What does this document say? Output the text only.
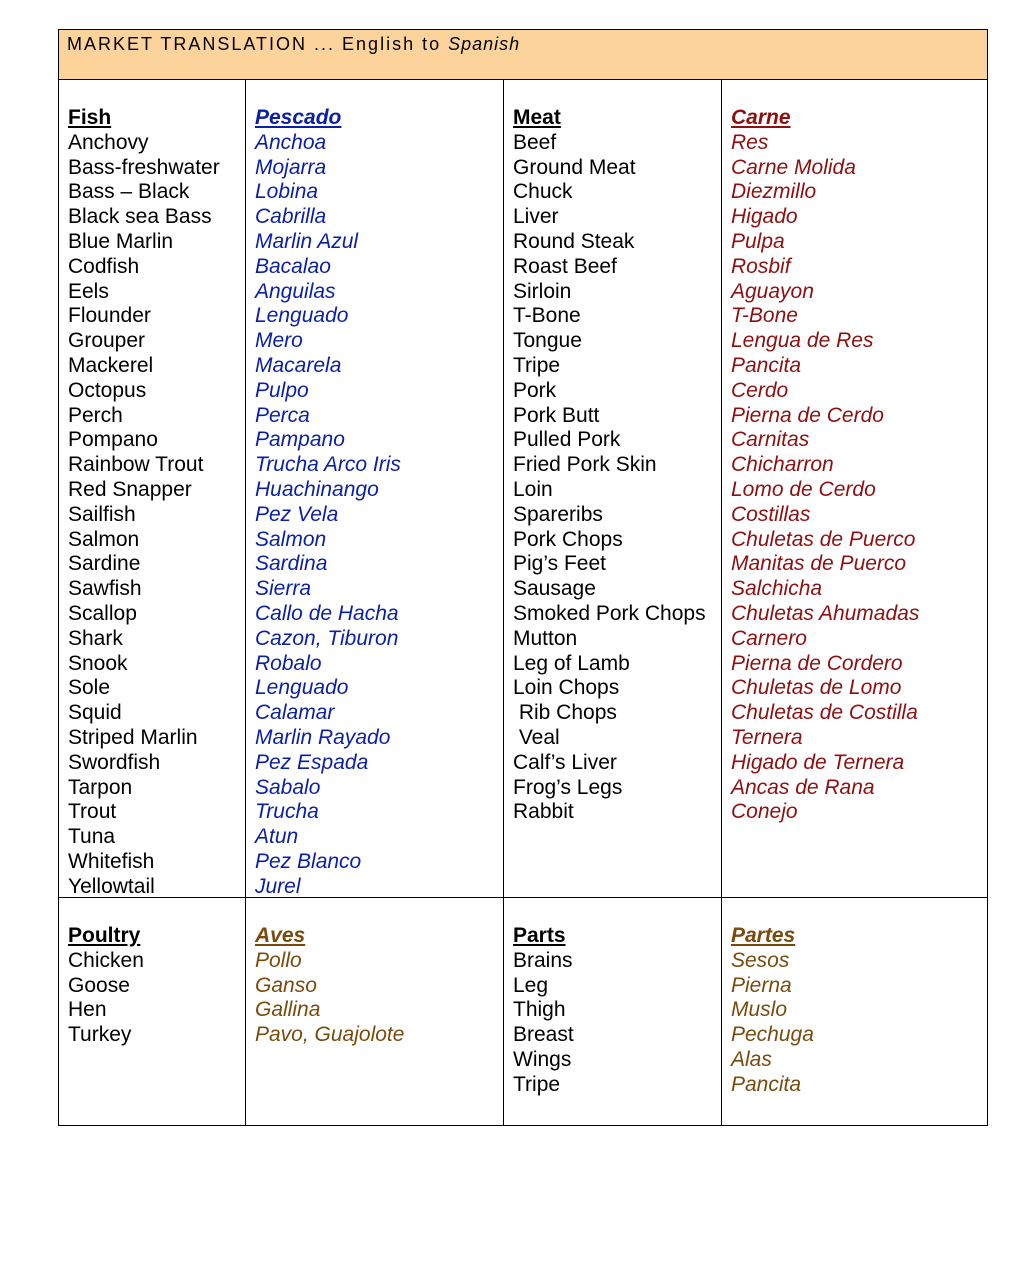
MARKET TRANSLATION ... English to Spanish
Fish
Anchovy
Bass-freshwater
Bass – Black
Black sea Bass
Blue Marlin
Codfish
Eels
Flounder
Grouper
Mackerel
Octopus
Perch
Pompano
Rainbow Trout
Red Snapper
Sailfish
Salmon
Sardine
Sawfish
Scallop
Shark
Snook
Sole
Squid
Striped Marlin
Swordfish
Tarpon
Trout
Tuna
Whitefish
Yellowtail
Pescado
Anchoa
Mojarra
Lobina
Cabrilla
Marlin Azul
Bacalao
Anguilas
Lenguado
Mero
Macarela
Pulpo
Perca
Pampano
Trucha Arco Iris
Huachinango
Pez Vela
Salmon
Sardina
Sierra
Callo de Hacha
Cazon, Tiburon
Robalo
Lenguado
Calamar
Marlin Rayado
Pez Espada
Sabalo
Trucha
Atun
Pez Blanco
Jurel
Meat
Beef
Ground Meat
Chuck
Liver
Round Steak
Roast Beef
Sirloin
T-Bone
Tongue
Tripe
Pork
Pork Butt
Pulled Pork
Fried Pork Skin
Loin
Spareribs
Pork Chops
Pig’s Feet
Sausage
Smoked Pork Chops
Mutton
Leg of Lamb
Loin Chops
Rib Chops
Veal
Calf’s Liver
Frog’s Legs
Rabbit
Carne
Res
Carne Molida
Diezmillo
Higado
Pulpa
Rosbif
Aguayon
T-Bone
Lengua de Res
Pancita
Cerdo
Pierna de Cerdo
Carnitas
Chicharron
Lomo de Cerdo
Costillas
Chuletas de Puerco
Manitas de Puerco
Salchicha
Chuletas Ahumadas
Carnero
Pierna de Cordero
Chuletas de Lomo
Chuletas de Costilla
Ternera
Higado de Ternera
Ancas de Rana
Conejo
Poultry
Chicken
Goose
Hen
Turkey
Aves
Pollo
Ganso
Gallina
Pavo, Guajolote
Parts
Brains
Leg
Thigh
Breast
Wings
Tripe
Partes
Sesos
Pierna
Muslo
Pechuga
Alas
Pancita
